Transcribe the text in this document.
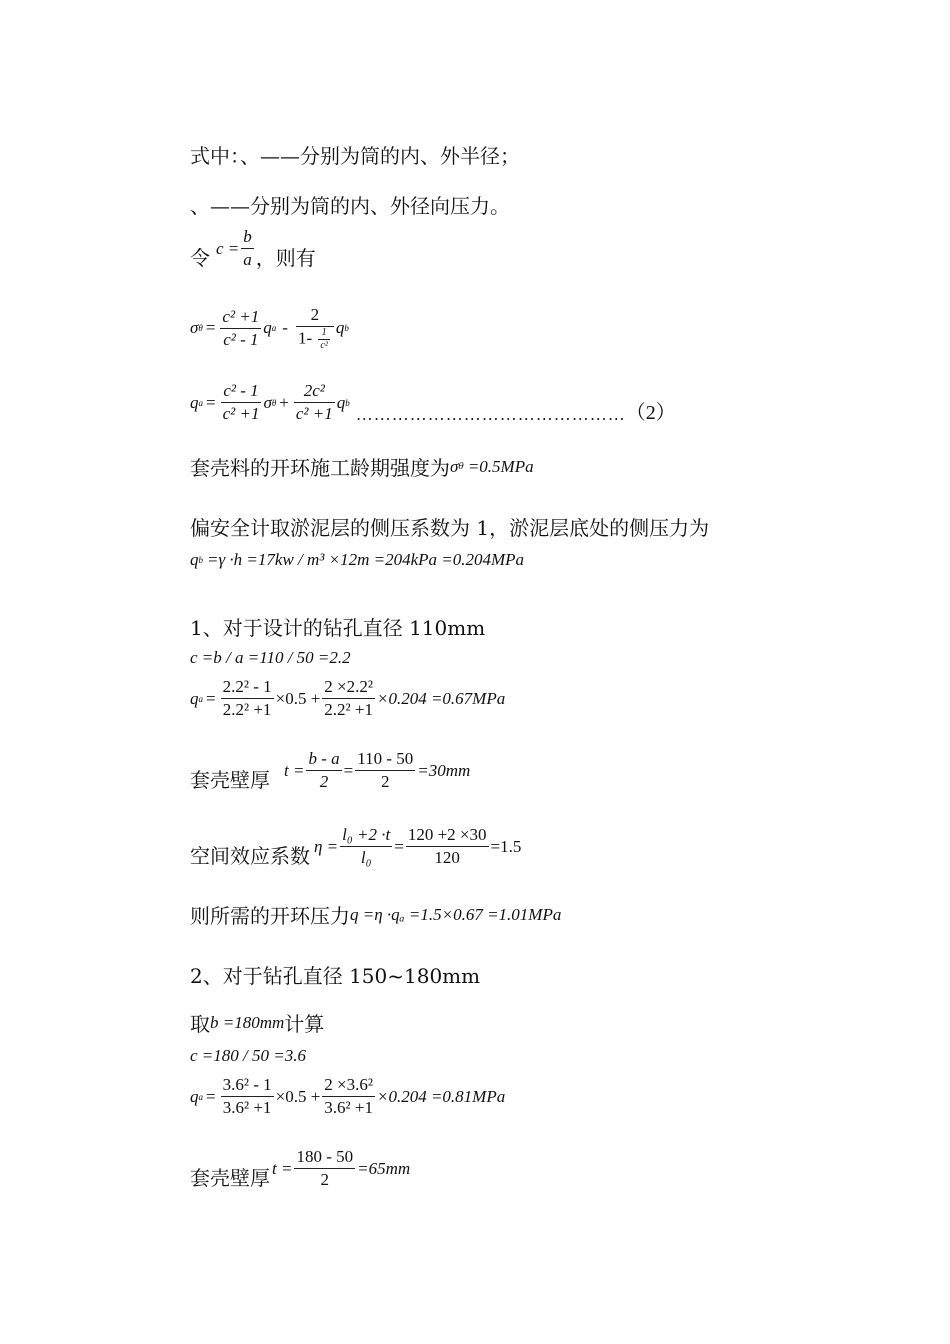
式中：、——分别为筒的内、外半径；
、——分别为筒的内、外径向压力。
令 $c = \frac{b}{a}$ ，则有
σ $\theta = \frac{\text{c² +1}}{\text{c² - 1}}$ q a - $\frac{2}{1- \frac{1}{\text{c²}}}$ q b
q $a = \frac{\text{c² - 1}}{\text{c² +1}}$ σ $\theta + \frac{\text{2c²}}{\text{c² +1}}$ q b
……………………………………… （2）
套壳料的开环施工龄期强度为 σ θ =0.5MPa
偏安全计取淤泥层的侧压系数为 1，淤泥层底处的侧压力为
q b =γ ·h =17kw / m³ ×12m =204kPa =0.204MPa
1、对于设计的钻孔直径 110mm
c =b / a =110 / 50 =2.2
q $a = \frac{\text{2.2² - 1}}{\text{2.2² +1}} \times 0.5 + \frac{\text{2 ×2.2²}}{\text{2.2² +1}} \times 0.204 =0.67MPa$
套壳壁厚 $t = \frac{b - a}{2} = \frac{110 - 50}{2} =30mm$
空间效应系数 $\eta = \frac{\text{l₀ +2 ·t}}{\text{l₀}} = \frac{120 +2 \times 30}{120} =1.5$
则所需的开环压力 q =η ·qₐ =1.5×0.67 =1.01MPa
2、对于钻孔直径 150~180mm
取 b =180mm 计算
c =180 / 50 =3.6
q $a = \frac{\text{3.6² - 1}}{\text{3.6² +1}} \times 0.5 + \frac{\text{2 ×3.6²}}{\text{3.6² +1}} \times 0.204 =0.81MPa$
套壳壁厚 $t = \frac{180 - 50}{2} =65mm$
